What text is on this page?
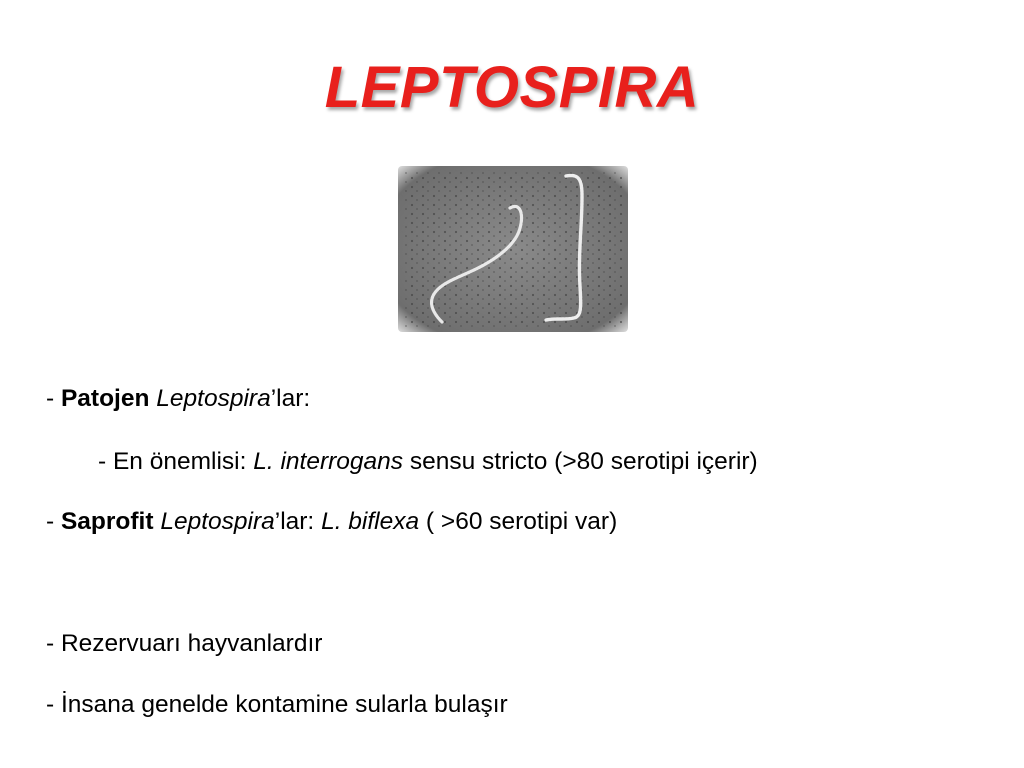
LEPTOSPIRA
- Patojen Leptospira’lar:
- En önemlisi: L. interrogans sensu stricto (>80 serotipi içerir)
- Saprofit Leptospira’lar: L. biflexa ( >60 serotipi var)
- Rezervuarı hayvanlardır
- İnsana genelde kontamine sularla bulaşır
